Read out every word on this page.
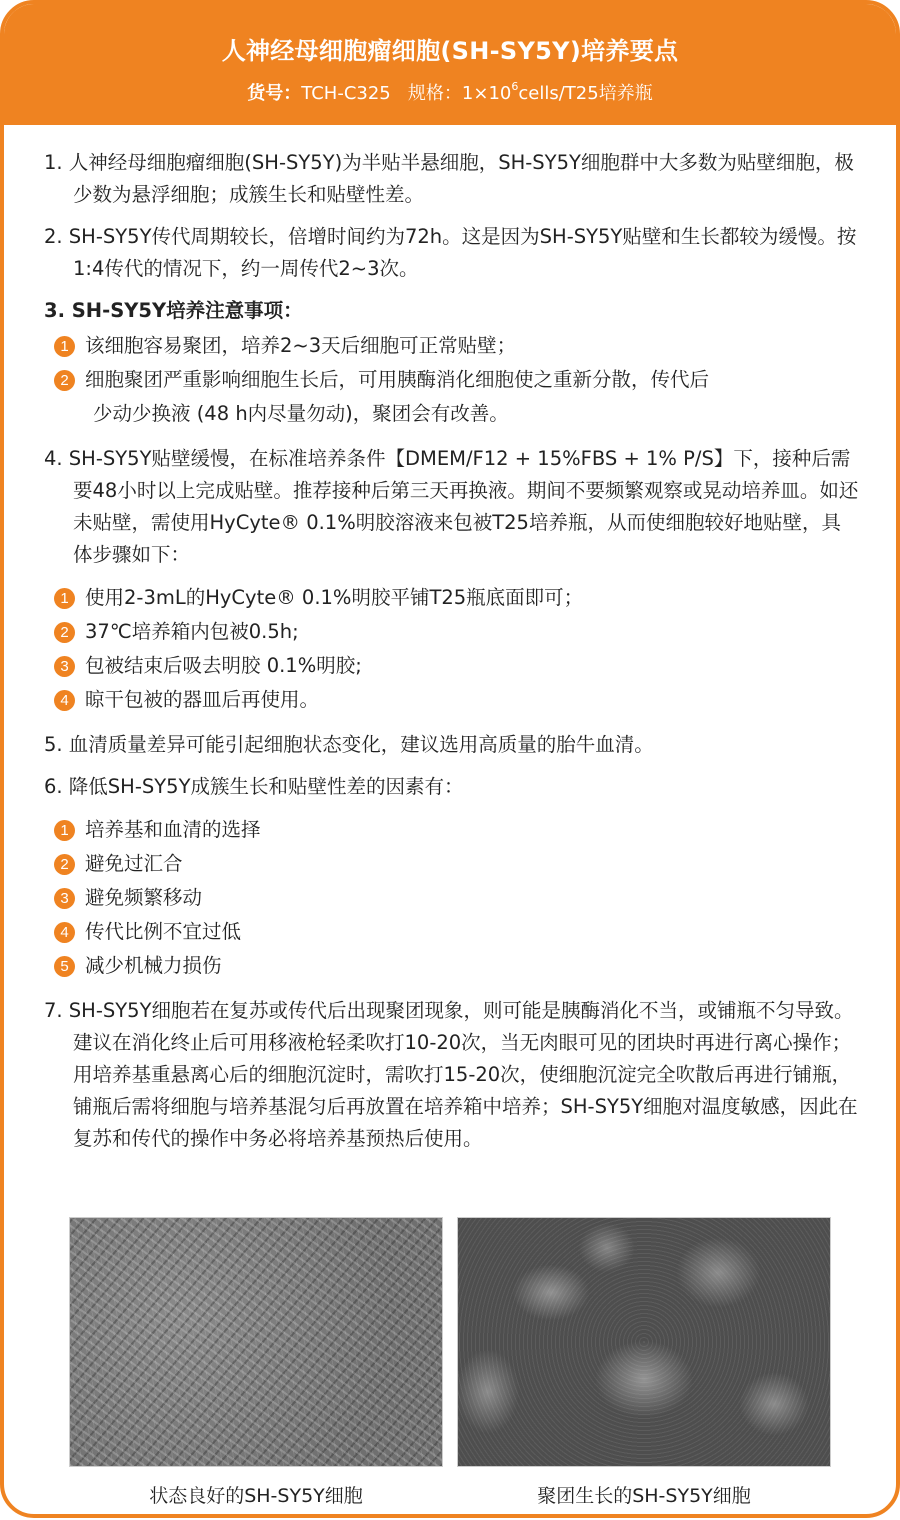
人神经母细胞瘤细胞(SH-SY5Y)培养要点
货号：TCH-C325 规格：$1\times 10^6cells/T25$培养瓶

1. 人神经母细胞瘤细胞(SH-SY5Y)为半贴半悬细胞，SH-SY5Y细胞群中大多数为贴壁细胞，极少数为悬浮细胞；成簇生长和贴壁性差。

2. SH-SY5Y传代周期较长，倍增时间约为72h。这是因为SH-SY5Y贴壁和生长都较为缓慢。按1:4传代的情况下，约一周传代2~3次。

3. SH-SY5Y培养注意事项：

1 该细胞容易聚团，培养2~3天后细胞可正常贴壁；
2 细胞聚团严重影响细胞生长后，可用胰酶消化细胞使之重新分散，传代后
少动少换液 (48 h内尽量勿动)，聚团会有改善。

4. SH-SY5Y贴壁缓慢，在标准培养条件【DMEM/F12 + 15%FBS + 1% P/S】下，接种后需要48小时以上完成贴壁。推荐接种后第三天再换液。期间不要频繁观察或晃动培养皿。如还未贴壁，需使用HyCyte® 0.1%明胶溶液来包被T25培养瓶，从而使细胞较好地贴壁，具体步骤如下：

1 使用2-3mL的HyCyte® 0.1%明胶平铺T25瓶底面即可；
2 37℃培养箱内包被0.5h;
3 包被结束后吸去明胶 0.1%明胶;
4 晾干包被的器皿后再使用。

5. 血清质量差异可能引起细胞状态变化，建议选用高质量的胎牛血清。

6. 降低SH-SY5Y成簇生长和贴壁性差的因素有：

1 培养基和血清的选择
2 避免过汇合
3 避免频繁移动
4 传代比例不宜过低
5 减少机械力损伤

7. SH-SY5Y细胞若在复苏或传代后出现聚团现象，则可能是胰酶消化不当，或铺瓶不匀导致。建议在消化终止后可用移液枪轻柔吹打10-20次，当无肉眼可见的团块时再进行离心操作；用培养基重悬离心后的细胞沉淀时，需吹打15-20次，使细胞沉淀完全吹散后再进行铺瓶，铺瓶后需将细胞与培养基混匀后再放置在培养箱中培养；SH-SY5Y细胞对温度敏感，因此在复苏和传代的操作中务必将培养基预热后使用。

状态良好的SH-SY5Y细胞	聚团生长的SH-SY5Y细胞
